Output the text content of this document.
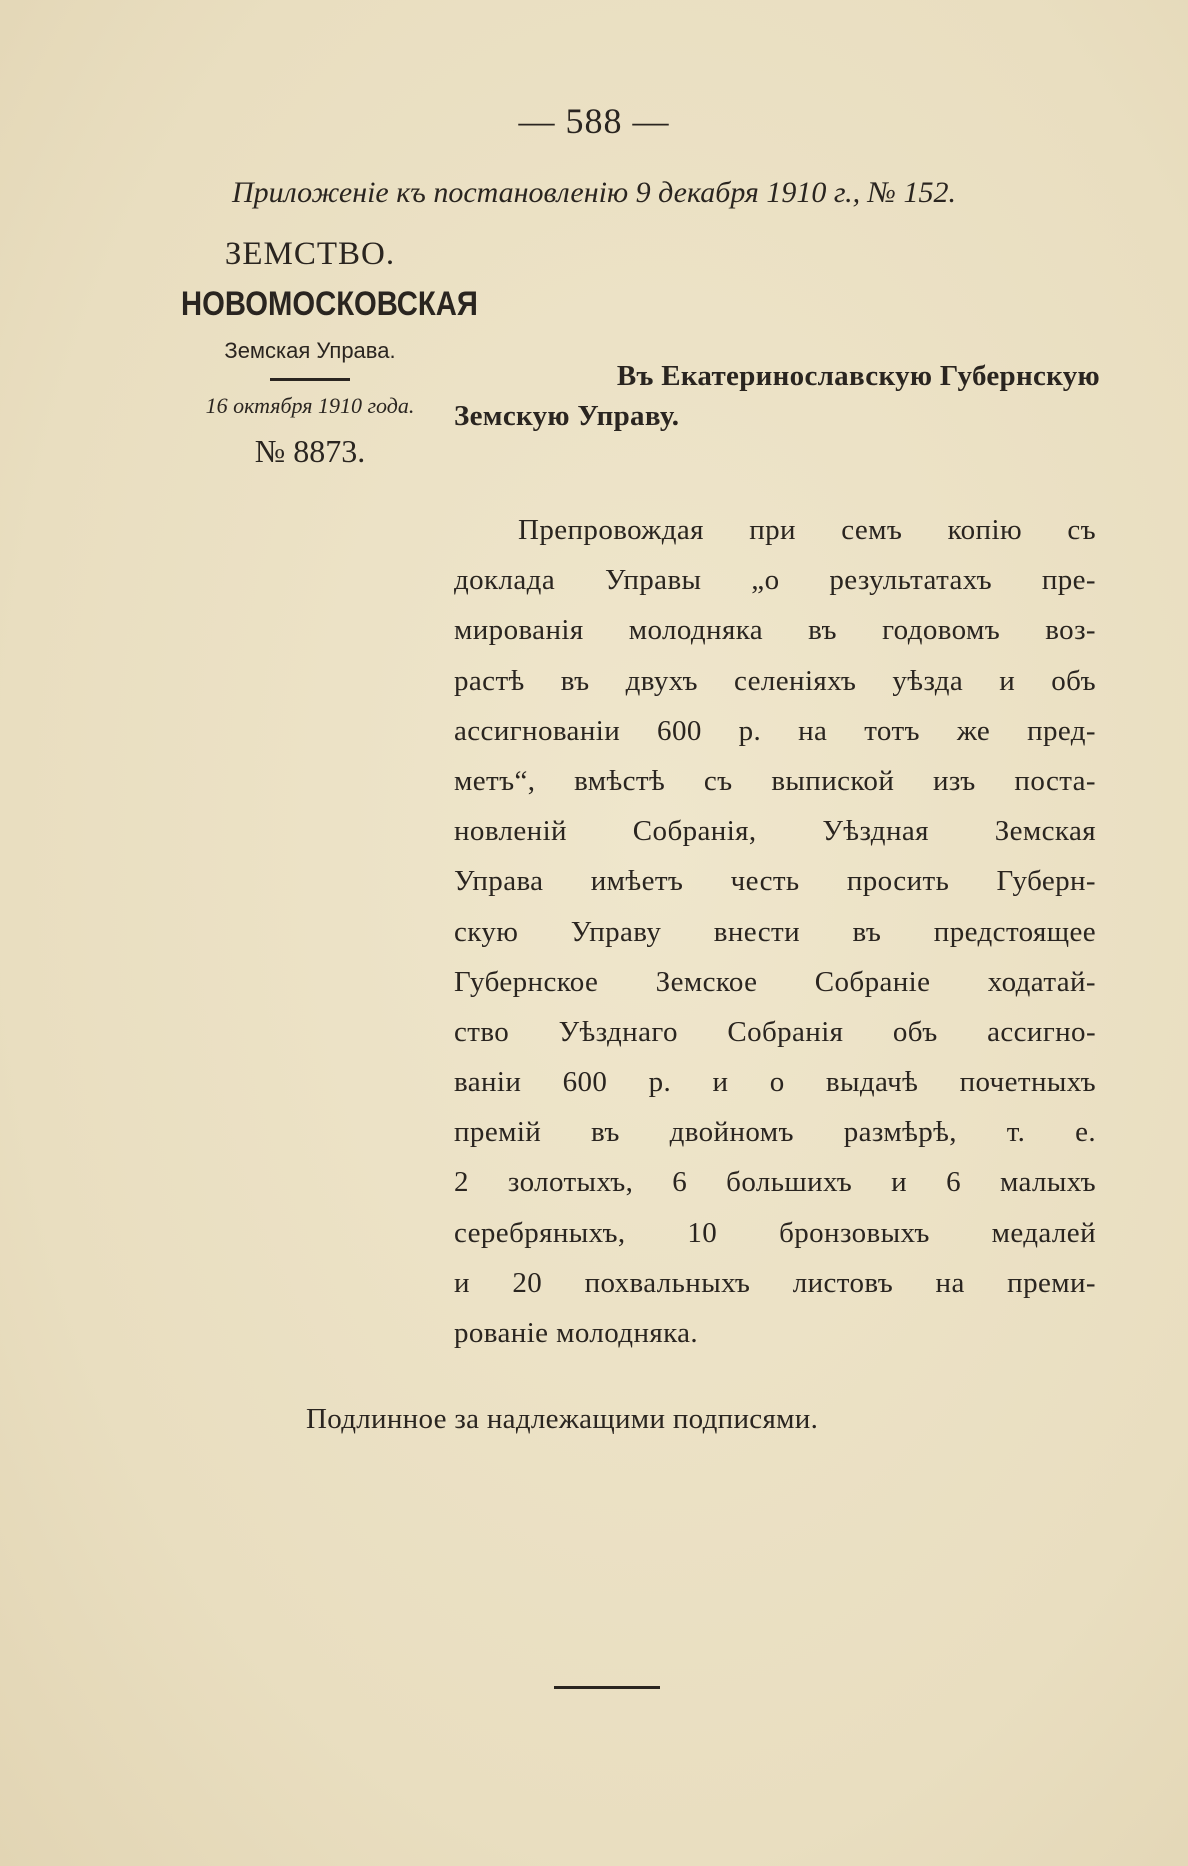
— 588 —
Приложеніе къ постановленію 9 декабря 1910 г., № 152.
ЗЕМСТВО.
НОВОМОСКОВСКАЯ
Земская Управа.
16 октября 1910 года.
№ 8873.
Въ Екатеринославскую Губернскую
Земскую Управу.
Препровождая при семъ копію съ
доклада Управы „о результатахъ пре-
мированія молодняка въ годовомъ воз-
растѣ въ двухъ селеніяхъ уѣзда и объ
ассигнованіи 600 р. на тотъ же пред-
метъ“, вмѣстѣ съ выпиской изъ поста-
новленій Собранія, Уѣздная Земская
Управа имѣетъ честь просить Губерн-
скую Управу внести въ предстоящее
Губернское Земское Собраніе ходатай-
ство Уѣзднаго Собранія объ ассигно-
ваніи 600 р. и о выдачѣ почетныхъ
премій въ двойномъ размѣрѣ, т. е.
2 золотыхъ, 6 большихъ и 6 малыхъ
серебряныхъ, 10 бронзовыхъ медалей
и 20 похвальныхъ листовъ на преми-
рованіе молодняка.
Подлинное за надлежащими подписями.
